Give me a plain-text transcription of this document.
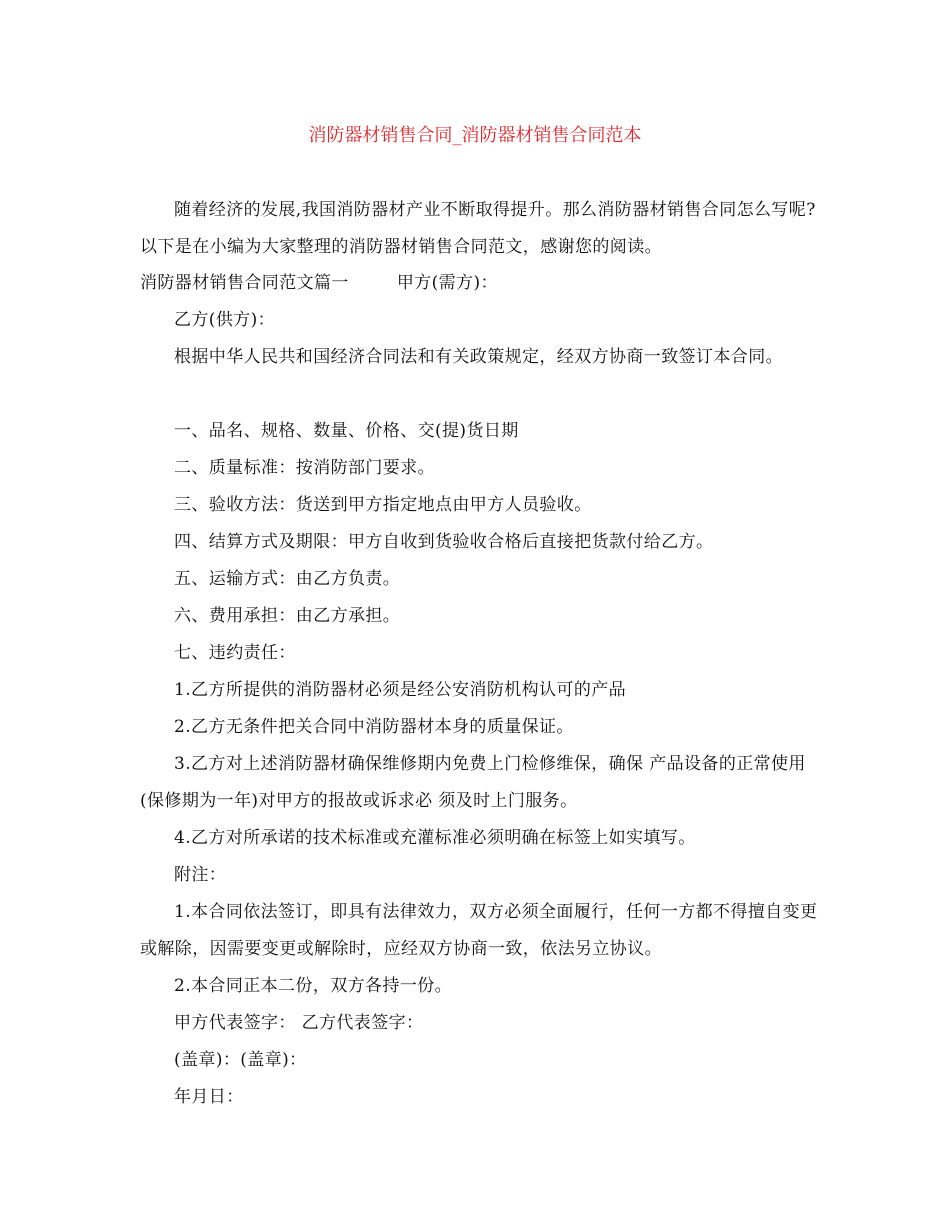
消防器材销售合同_消防器材销售合同范本
随着经济的发展,我国消防器材产业不断取得提升。那么消防器材销售合同怎么写呢?以下是在小编为大家整理的消防器材销售合同范文，感谢您的阅读。
消防器材销售合同范文篇一	甲方(需方)：
乙方(供方)：
根据中华人民共和国经济合同法和有关政策规定，经双方协商一致签订本合同。
一、品名、规格、数量、价格、交(提)货日期
二、质量标准：按消防部门要求。
三、验收方法：货送到甲方指定地点由甲方人员验收。
四、结算方式及期限：甲方自收到货验收合格后直接把货款付给乙方。
五、运输方式：由乙方负责。
六、费用承担：由乙方承担。
七、违约责任：
1.乙方所提供的消防器材必须是经公安消防机构认可的产品
2.乙方无条件把关合同中消防器材本身的质量保证。
3.乙方对上述消防器材确保维修期内免费上门检修维保，确保 产品设备的正常使用(保修期为一年)对甲方的报故或诉求必 须及时上门服务。
4.乙方对所承诺的技术标准或充灌标准必须明确在标签上如实填写。
附注：
1.本合同依法签订，即具有法律效力，双方必须全面履行，任何一方都不得擅自变更或解除，因需要变更或解除时，应经双方协商一致，依法另立协议。
2.本合同正本二份，双方各持一份。
甲方代表签字： 乙方代表签字：
(盖章)：(盖章)：
年月日：
